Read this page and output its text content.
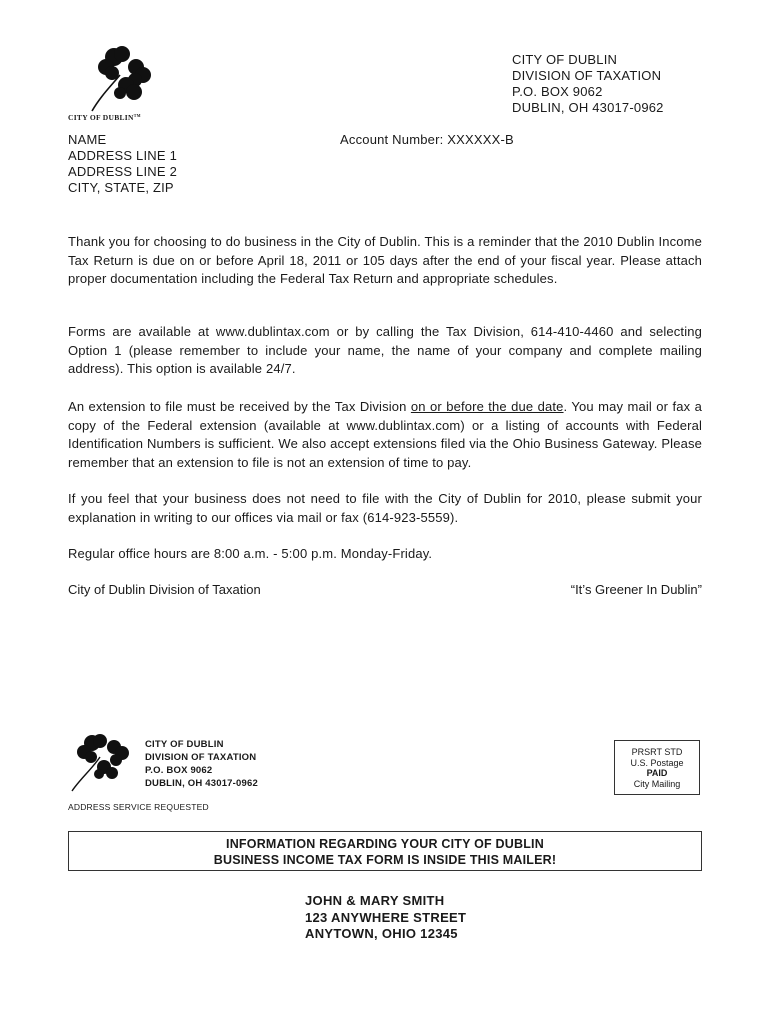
CITY OF DUBLIN™
CITY OF DUBLIN
DIVISION OF TAXATION
P.O. BOX 9062
DUBLIN, OH 43017-0962
NAME
ADDRESS LINE 1
ADDRESS LINE 2
CITY, STATE, ZIP
Account Number: XXXXXX-B
Thank you for choosing to do business in the City of Dublin. This is a reminder that the 2010 Dublin Income Tax Return is due on or before April 18, 2011 or 105 days after the end of your fiscal year. Please attach proper documentation including the Federal Tax Return and appropriate schedules.
Forms are available at www.dublintax.com or by calling the Tax Division, 614-410-4460 and selecting Option 1 (please remember to include your name, the name of your company and complete mailing address). This option is available 24/7.
An extension to file must be received by the Tax Division on or before the due date. You may mail or fax a copy of the Federal extension (available at www.dublintax.com) or a listing of accounts with Federal Identification Numbers is sufficient. We also accept extensions filed via the Ohio Business Gateway. Please remember that an extension to file is not an extension of time to pay.
If you feel that your business does not need to file with the City of Dublin for 2010, please submit your explanation in writing to our offices via mail or fax (614-923-5559).
Regular office hours are 8:00 a.m. - 5:00 p.m. Monday-Friday.
City of Dublin Division of Taxation	“It’s Greener In Dublin”
CITY OF DUBLIN
DIVISION OF TAXATION
P.O. BOX 9062
DUBLIN, OH 43017-0962
PRSRT STD
U.S. Postage
PAID
City Mailing
ADDRESS SERVICE REQUESTED
INFORMATION REGARDING YOUR CITY OF DUBLIN
BUSINESS INCOME TAX FORM IS INSIDE THIS MAILER!
JOHN & MARY SMITH
123 ANYWHERE STREET
ANYTOWN, OHIO 12345
